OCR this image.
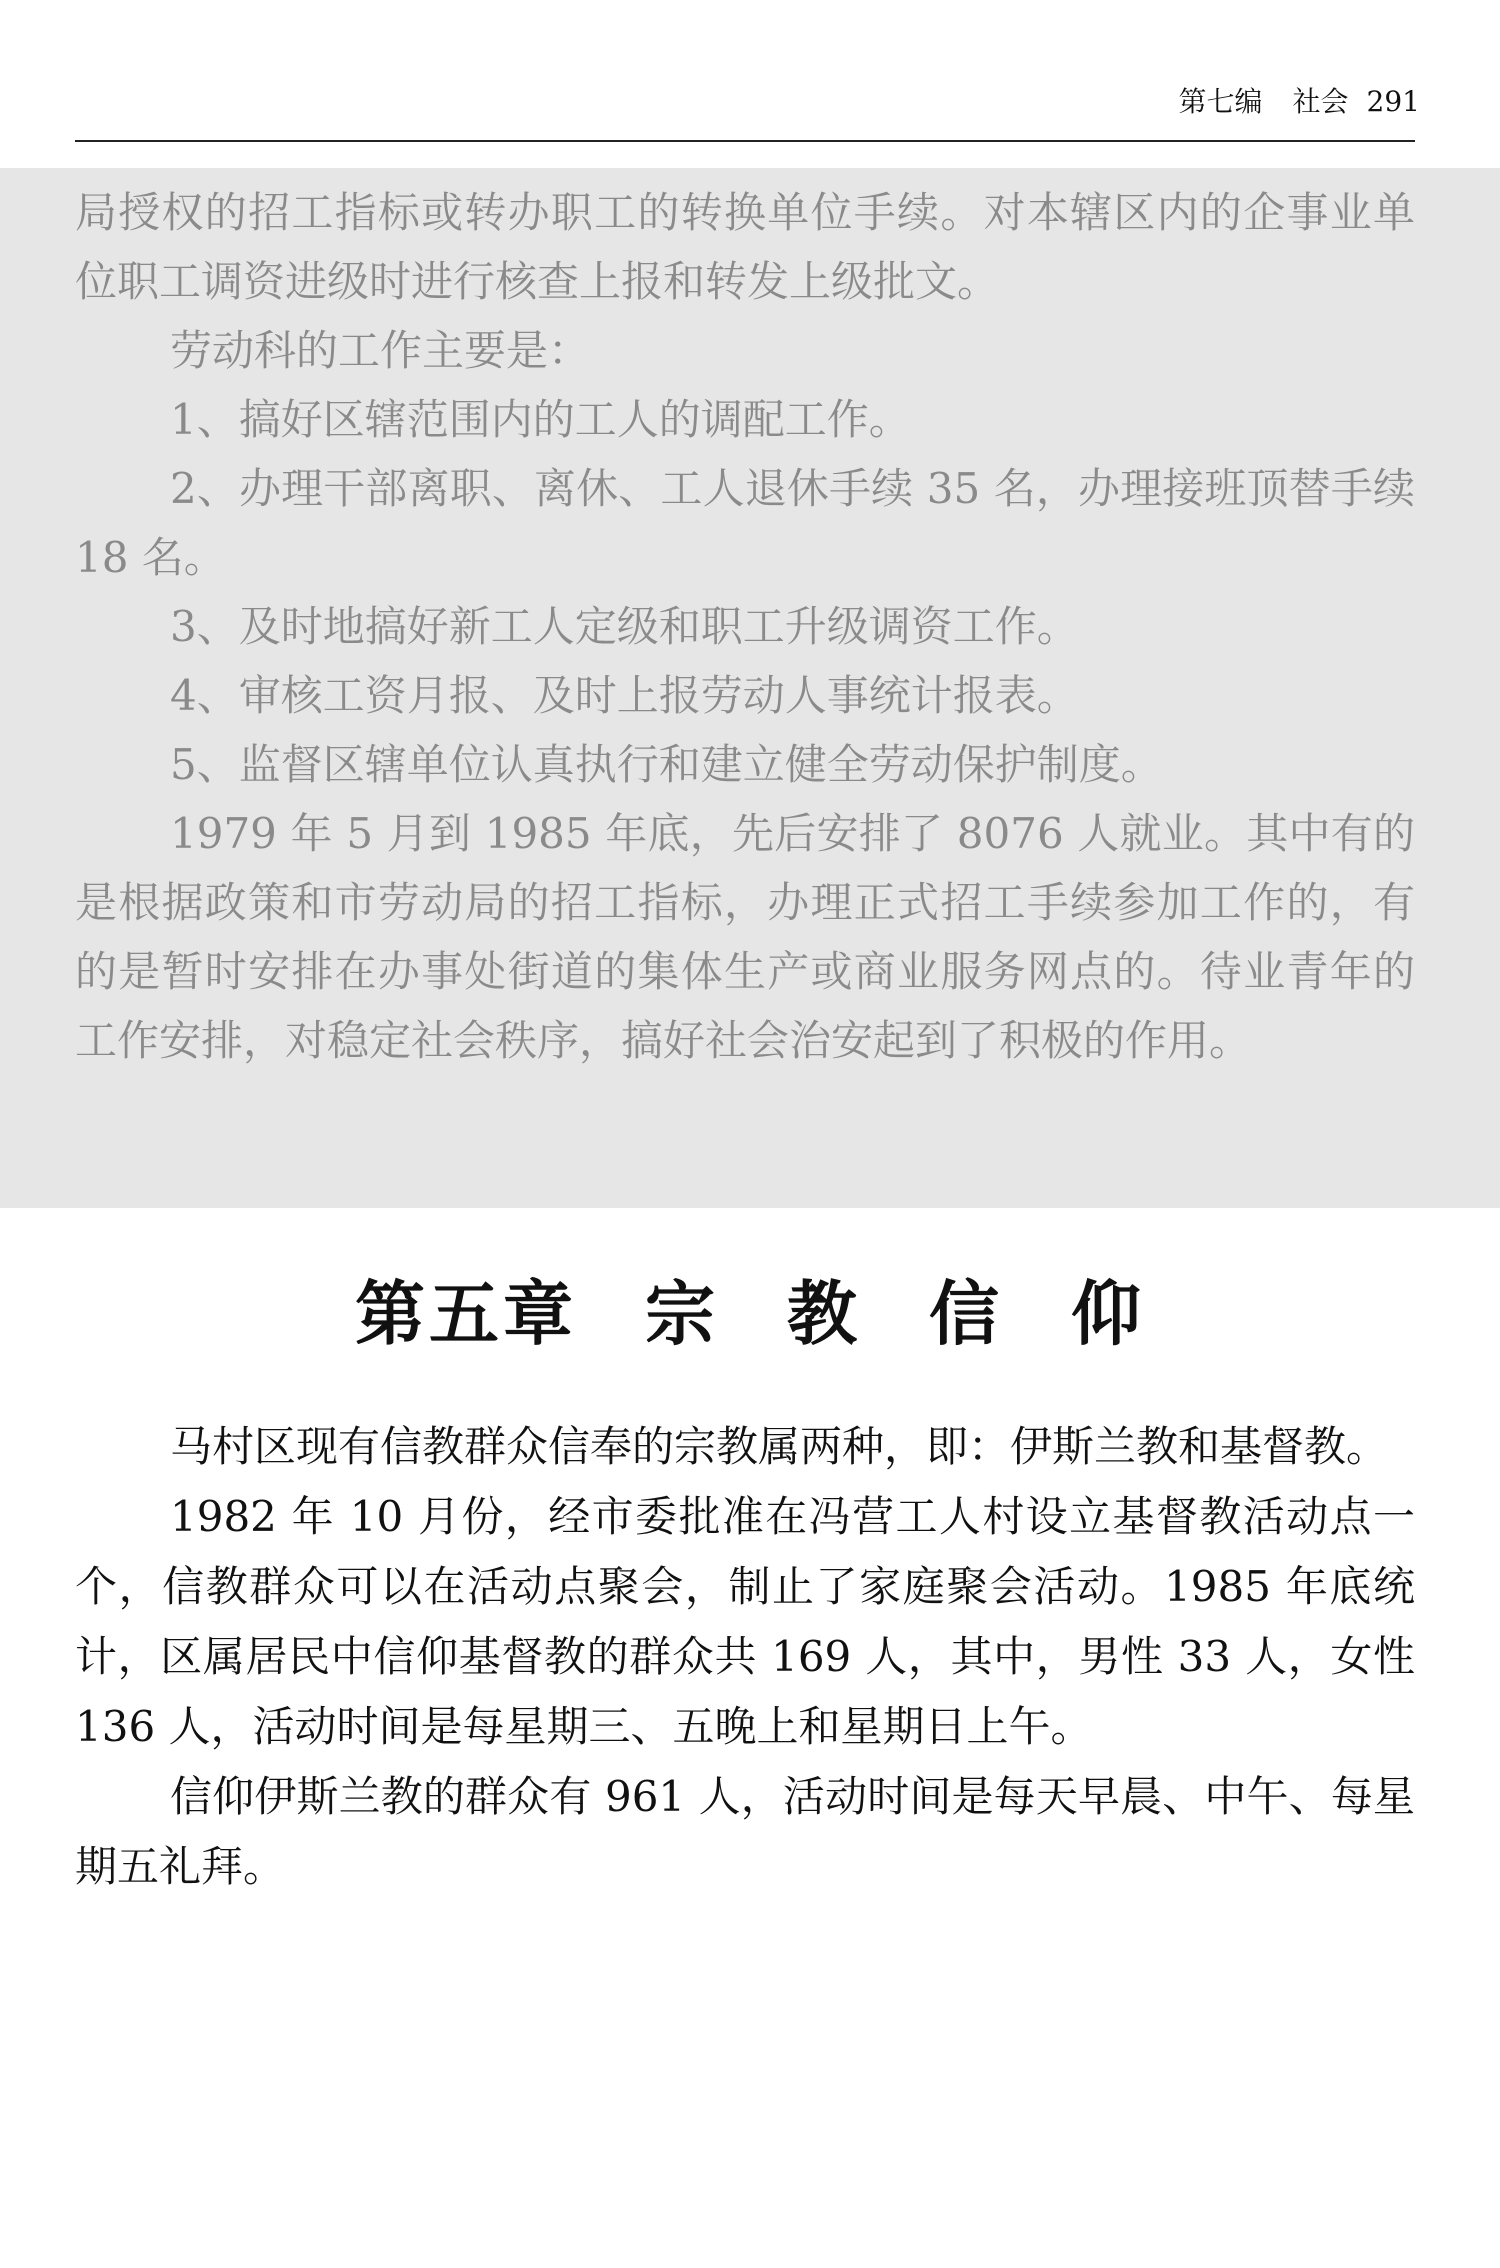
第七编 社会 291

局授权的招工指标或转办职工的转换单位手续。对本辖区内的企事业单位职工调资进级时进行核查上报和转发上级批文。

劳动科的工作主要是：

1、搞好区辖范围内的工人的调配工作。

2、办理干部离职、离休、工人退休手续 35 名，办理接班顶替手续 18 名。

3、及时地搞好新工人定级和职工升级调资工作。

4、审核工资月报、及时上报劳动人事统计报表。

5、监督区辖单位认真执行和建立健全劳动保护制度。

1979 年 5 月到 1985 年底，先后安排了 8076 人就业。其中有的是根据政策和市劳动局的招工指标，办理正式招工手续参加工作的，有的是暂时安排在办事处街道的集体生产或商业服务网点的。待业青年的工作安排，对稳定社会秩序，搞好社会治安起到了积极的作用。

第五章 宗 教 信 仰

马村区现有信教群众信奉的宗教属两种，即：伊斯兰教和基督教。

1982 年 10 月份，经市委批准在冯营工人村设立基督教活动点一个，信教群众可以在活动点聚会，制止了家庭聚会活动。1985 年底统计，区属居民中信仰基督教的群众共 169 人，其中，男性 33 人，女性 136 人，活动时间是每星期三、五晚上和星期日上午。

信仰伊斯兰教的群众有 961 人，活动时间是每天早晨、中午、每星期五礼拜。
